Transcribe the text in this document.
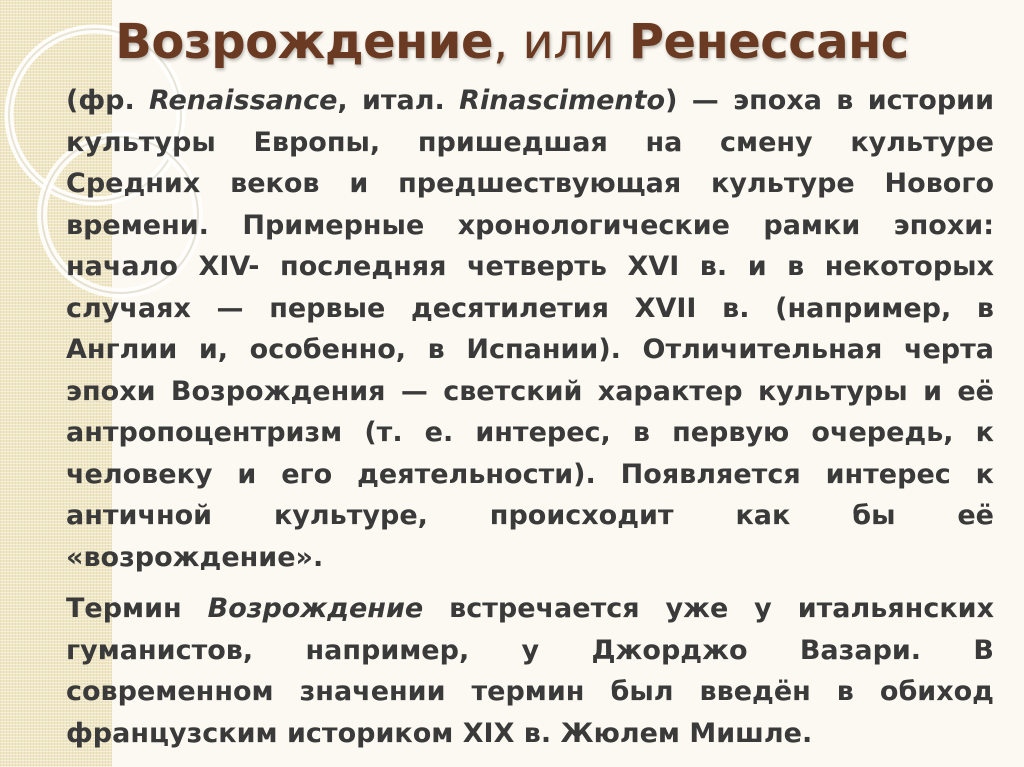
Возрождение, или Ренессанс

(фр. Renaissance, итал. Rinascimento) — эпоха в истории культуры Европы, пришедшая на смену культуре Средних веков и предшествующая культуре Нового времени. Примерные хронологические рамки эпохи: начало XIV- последняя четверть XVI в. и в некоторых случаях — первые десятилетия XVII в. (например, в Англии и, особенно, в Испании). Отличительная черта эпохи Возрождения — светский характер культуры и её антропоцентризм (т. е. интерес, в первую очередь, к человеку и его деятельности). Появляется интерес к античной культуре, происходит как бы её «возрождение».

Термин Возрождение встречается уже у итальянских гуманистов, например, у Джорджо Вазари. В современном значении термин был введён в обиход французским историком XIX в. Жюлем Мишле.
